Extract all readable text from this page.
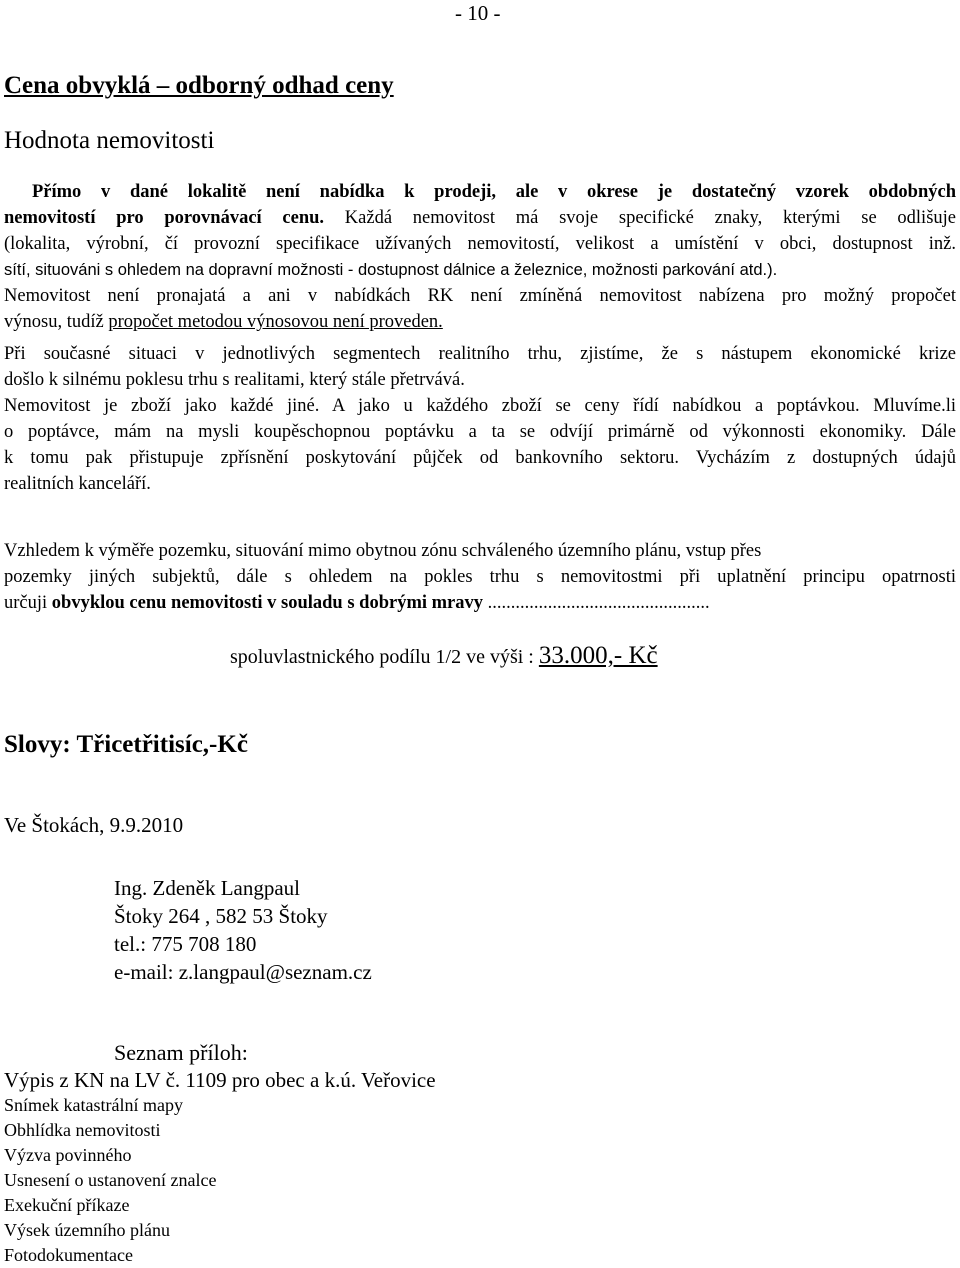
- 10 -
Cena obvyklá – odborný odhad ceny
Hodnota nemovitosti
Přímo v dané lokalitě není nabídka k prodeji, ale v okrese je dostatečný vzorek obdobných
nemovitostí pro porovnávací cenu. Každá nemovitost má svoje specifické znaky, kterými se odlišuje
(lokalita, výrobní, čí provozní specifikace užívaných nemovitostí, velikost a umístění v obci, dostupnost inž.
sítí, situováni s ohledem na dopravní možnosti - dostupnost dálnice a železnice, možnosti parkování atd.).
Nemovitost není pronajatá a ani v nabídkách RK není zmíněná nemovitost nabízena pro možný propočet
výnosu, tudíž propočet metodou výnosovou není proveden.
Při současné situaci v jednotlivých segmentech realitního trhu, zjistíme, že s nástupem ekonomické krize
došlo k silnému poklesu trhu s realitami, který stále přetrvává.
Nemovitost je zboží jako každé jiné. A jako u každého zboží se ceny řídí nabídkou a poptávkou. Mluvíme.li
o poptávce, mám na mysli koupěschopnou poptávku a ta se odvíjí primárně od výkonnosti ekonomiky. Dále
k tomu pak přistupuje zpřísnění poskytování půjček od bankovního sektoru. Vycházím z dostupných údajů
realitních kanceláří.
Vzhledem k výměře pozemku, situování mimo obytnou zónu schváleného územního plánu, vstup přes
pozemky jiných subjektů, dále s ohledem na pokles trhu s nemovitostmi při uplatnění principu opatrnosti
určuji obvyklou cenu nemovitosti v souladu s dobrými mravy ................................................
spoluvlastnického podílu 1/2 ve výši : 33.000,- Kč
Slovy: Třicetřitisíc,-Kč
Ve Štokách, 9.9.2010
Ing. Zdeněk Langpaul
Štoky 264 , 582 53 Štoky
tel.: 775 708 180
e-mail: z.langpaul@seznam.cz
Seznam příloh:
Výpis z KN na LV č. 1109 pro obec a k.ú. Veřovice
Snímek katastrální mapy
Obhlídka nemovitosti
Výzva povinného
Usnesení o ustanovení znalce
Exekuční příkaze
Výsek územního plánu
Fotodokumentace
